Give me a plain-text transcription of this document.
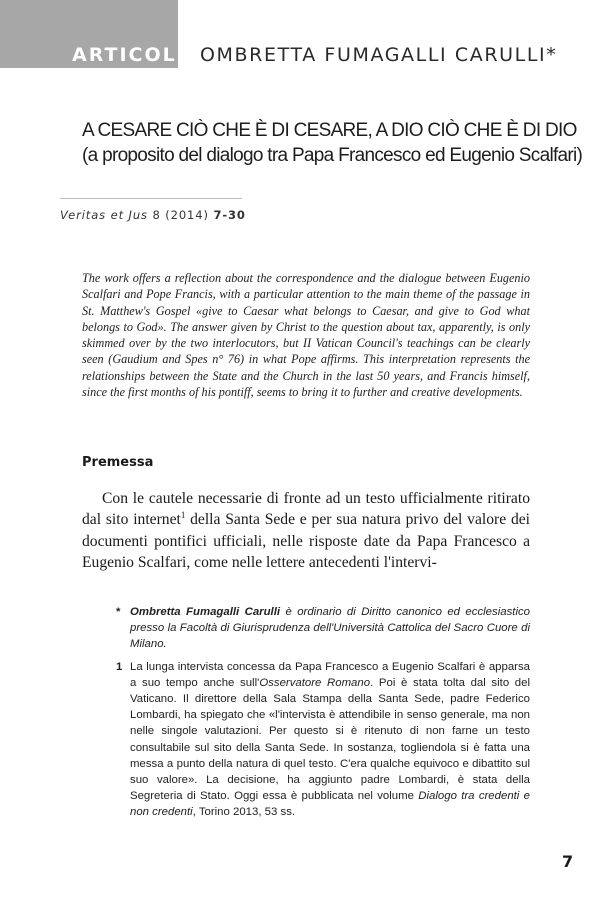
ARTICOLI OMBRETTA FUMAGALLI CARULLI*
A CESARE CIÒ CHE È DI CESARE, A DIO CIÒ CHE È DI DIO
(a proposito del dialogo tra Papa Francesco ed Eugenio Scalfari)
Veritas et Jus 8 (2014) 7-30
The work offers a reflection about the correspondence and the dialogue between Eugenio Scalfari and Pope Francis, with a particular attention to the main theme of the passage in St. Matthew's Gospel «give to Caesar what belongs to Caesar, and give to God what belongs to God». The answer given by Christ to the question about tax, apparently, is only skimmed over by the two interlocutors, but II Vatican Council's teachings can be clearly seen (Gaudium and Spes n° 76) in what Pope affirms. This interpretation represents the relationships between the State and the Church in the last 50 years, and Francis himself, since the first months of his pontiff, seems to bring it to further and creative developments.
Premessa

Con le cautele necessarie di fronte ad un testo ufficialmente ritirato dal sito internet$^1$ della Santa Sede e per sua natura privo del valore dei documenti pontifici ufficiali, nelle risposte date da Papa Francesco a Eugenio Scalfari, come nelle lettere antecedenti l'intervi-

* Ombretta Fumagalli Carulli è ordinario di Diritto canonico ed ecclesiastico presso la Facoltà di Giurisprudenza dell'Università Cattolica del Sacro Cuore di Milano.
1 La lunga intervista concessa da Papa Francesco a Eugenio Scalfari è apparsa a suo tempo anche sull'Osservatore Romano. Poi è stata tolta dal sito del Vaticano. Il direttore della Sala Stampa della Santa Sede, padre Federico Lombardi, ha spiegato che «l'intervista è attendibile in senso generale, ma non nelle singole valutazioni. Per questo si è ritenuto di non farne un testo consultabile sul sito della Santa Sede. In sostanza, togliendola si è fatta una messa a punto della natura di quel testo. C'era qualche equivoco e dibattito sul suo valore». La decisione, ha aggiunto padre Lombardi, è stata della Segreteria di Stato. Oggi essa è pubblicata nel volume Dialogo tra credenti e non credenti, Torino 2013, 53 ss.
7
